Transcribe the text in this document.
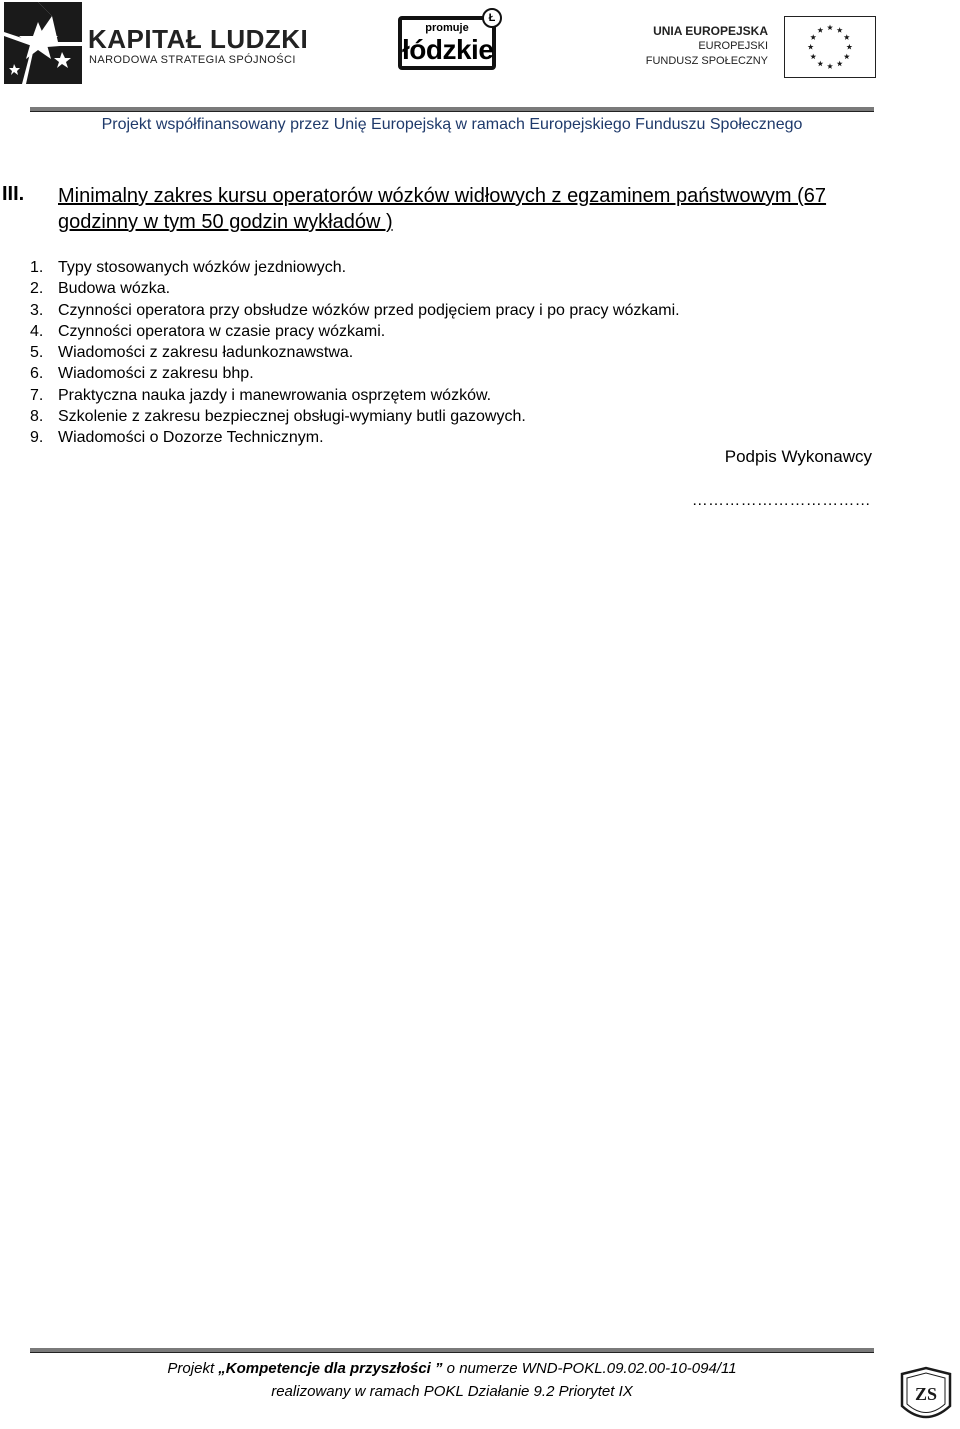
KAPITAŁ LUDZKI
NARODOWA STRATEGIA SPÓJNOŚCI
promuje
łódzkie
Ł
UNIA EUROPEJSKA
EUROPEJSKI
FUNDUSZ SPOŁECZNY
Projekt współfinansowany przez Unię Europejską w ramach Europejskiego Funduszu Społecznego
III. Minimalny zakres kursu operatorów wózków widłowych z egzaminem państwowym (67 godzinny w tym 50 godzin wykładów )
1. Typy stosowanych wózków jezdniowych.
2. Budowa wózka.
3. Czynności operatora przy obsłudze wózków przed podjęciem pracy i po pracy wózkami.
4. Czynności operatora w czasie pracy wózkami.
5. Wiadomości z zakresu ładunkoznawstwa.
6. Wiadomości z zakresu bhp.
7. Praktyczna nauka jazdy i manewrowania osprzętem wózków.
8. Szkolenie z zakresu bezpiecznej obsługi-wymiany butli gazowych.
9. Wiadomości o Dozorze Technicznym.
Podpis Wykonawcy
……………………………
Projekt „Kompetencje dla przyszłości ” o numerze WND-POKL.09.02.00-10-094/11
realizowany w ramach POKL Działanie 9.2 Priorytet IX	ZS
